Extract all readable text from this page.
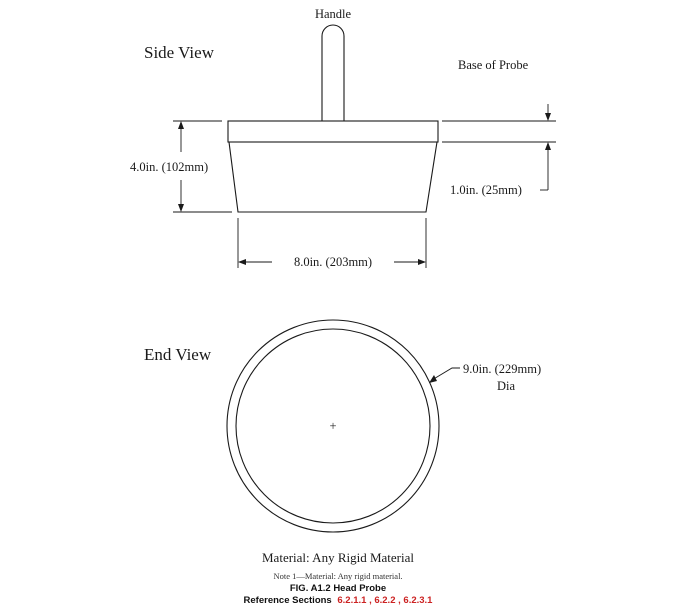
Side View
Handle
Base of Probe
1.0in. (25mm)
4.0in. (102mm)
8.0in. (203mm)
End View
+
9.0in. (229mm)
Dia
Material: Any Rigid Material
Note 1—Material: Any rigid material.
FIG. A1.2 Head Probe
Reference Sections 6.2.1.1 , 6.2.2 , 6.2.3.1
